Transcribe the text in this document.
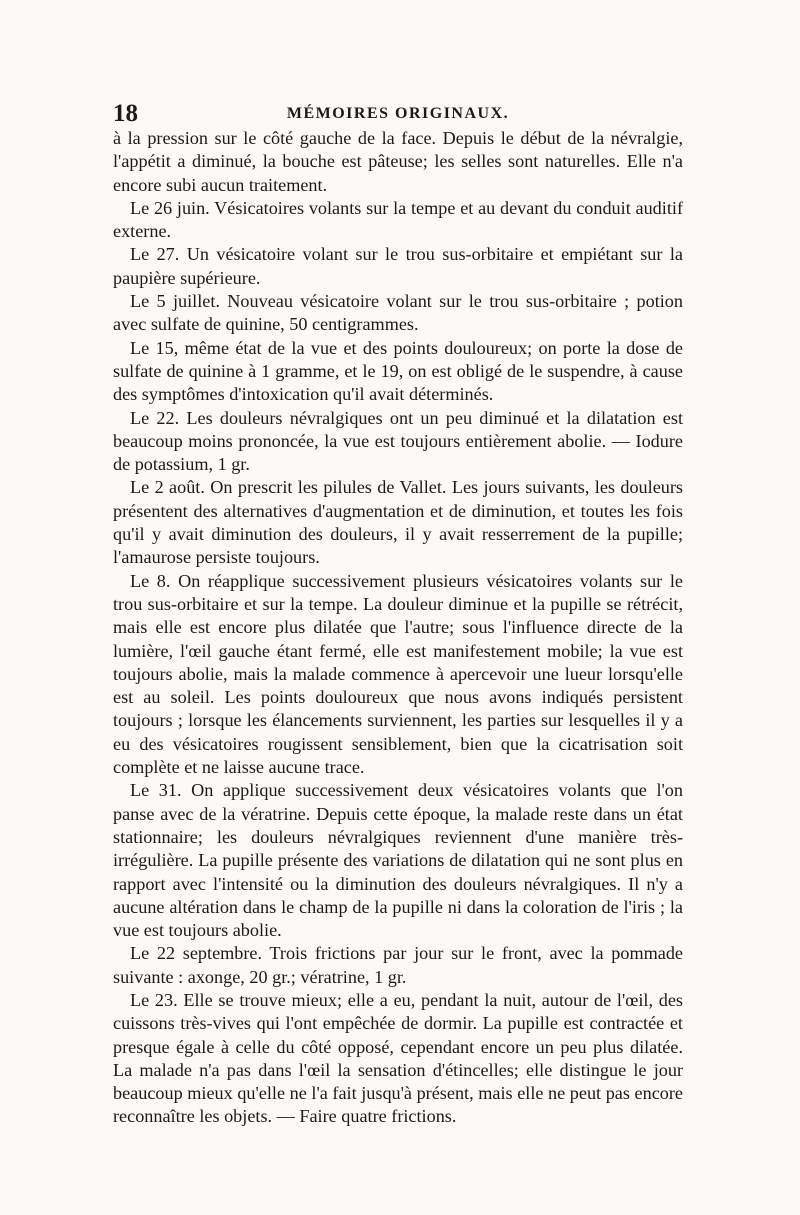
18	MÉMOIRES ORIGINAUX.

à la pression sur le côté gauche de la face. Depuis le début de la névralgie, l'appétit a diminué, la bouche est pâteuse; les selles sont naturelles. Elle n'a encore subi aucun traitement.

Le 26 juin. Vésicatoires volants sur la tempe et au devant du conduit auditif externe.

Le 27. Un vésicatoire volant sur le trou sus-orbitaire et empiétant sur la paupière supérieure.

Le 5 juillet. Nouveau vésicatoire volant sur le trou sus-orbitaire ; potion avec sulfate de quinine, 50 centigrammes.

Le 15, même état de la vue et des points douloureux; on porte la dose de sulfate de quinine à 1 gramme, et le 19, on est obligé de le suspendre, à cause des symptômes d'intoxication qu'il avait déterminés.

Le 22. Les douleurs névralgiques ont un peu diminué et la dilatation est beaucoup moins prononcée, la vue est toujours entièrement abolie. — Iodure de potassium, 1 gr.

Le 2 août. On prescrit les pilules de Vallet. Les jours suivants, les douleurs présentent des alternatives d'augmentation et de diminution, et toutes les fois qu'il y avait diminution des douleurs, il y avait resserrement de la pupille; l'amaurose persiste toujours.

Le 8. On réapplique successivement plusieurs vésicatoires volants sur le trou sus-orbitaire et sur la tempe. La douleur diminue et la pupille se rétrécit, mais elle est encore plus dilatée que l'autre; sous l'influence directe de la lumière, l'œil gauche étant fermé, elle est manifestement mobile; la vue est toujours abolie, mais la malade commence à apercevoir une lueur lorsqu'elle est au soleil. Les points douloureux que nous avons indiqués persistent toujours ; lorsque les élancements surviennent, les parties sur lesquelles il y a eu des vésicatoires rougissent sensiblement, bien que la cicatrisation soit complète et ne laisse aucune trace.

Le 31. On applique successivement deux vésicatoires volants que l'on panse avec de la vératrine. Depuis cette époque, la malade reste dans un état stationnaire; les douleurs névralgiques reviennent d'une manière très-irrégulière. La pupille présente des variations de dilatation qui ne sont plus en rapport avec l'intensité ou la diminution des douleurs névralgiques. Il n'y a aucune altération dans le champ de la pupille ni dans la coloration de l'iris ; la vue est toujours abolie.

Le 22 septembre. Trois frictions par jour sur le front, avec la pommade suivante : axonge, 20 gr.; vératrine, 1 gr.

Le 23. Elle se trouve mieux; elle a eu, pendant la nuit, autour de l'œil, des cuissons très-vives qui l'ont empêchée de dormir. La pupille est contractée et presque égale à celle du côté opposé, cependant encore un peu plus dilatée. La malade n'a pas dans l'œil la sensation d'étincelles; elle distingue le jour beaucoup mieux qu'elle ne l'a fait jusqu'à présent, mais elle ne peut pas encore reconnaître les objets. — Faire quatre frictions.
